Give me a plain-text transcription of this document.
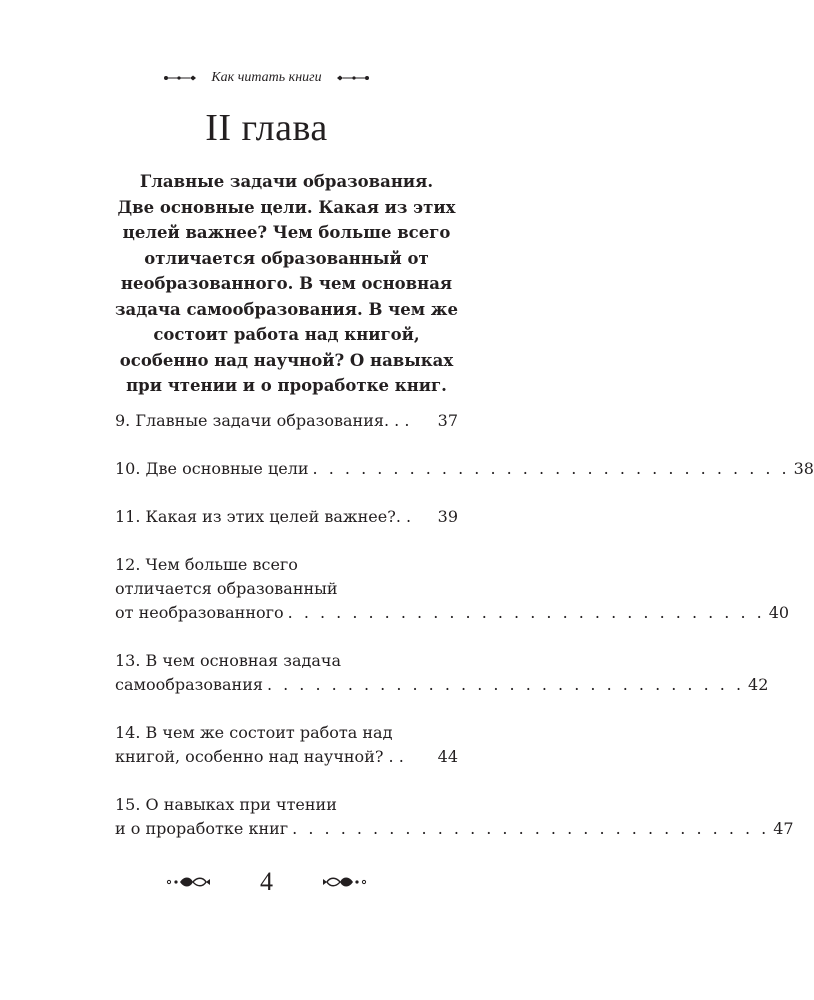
Как читать книги
II глава
Главные задачи образования.
Две основные цели. Какая из этих
целей важнее? Чем больше всего
отличается образованный от
необразованного. В чем основная
задача самообразования. В чем же
состоит работа над книгой,
особенно над научной? О навыках
при чтении и о проработке книг.
9. Главные задачи образования. . . 37
10. Две основные цели . . . . . . . . . . . . . . . . . . . . . . . . . . . . . . 38
11. Какая из этих целей важнее?. . 39
12. Чем больше всего
отличается образованный
от необразованного . . . . . . . . . . . . . . . . . . . . . . . . . . . . . . 40
13. В чем основная задача
самообразования . . . . . . . . . . . . . . . . . . . . . . . . . . . . . . 42
14. В чем же состоит работа над
книгой, особенно над научной? . . 44
15. О навыках при чтении
и о проработке книг . . . . . . . . . . . . . . . . . . . . . . . . . . . . . . 47
4
